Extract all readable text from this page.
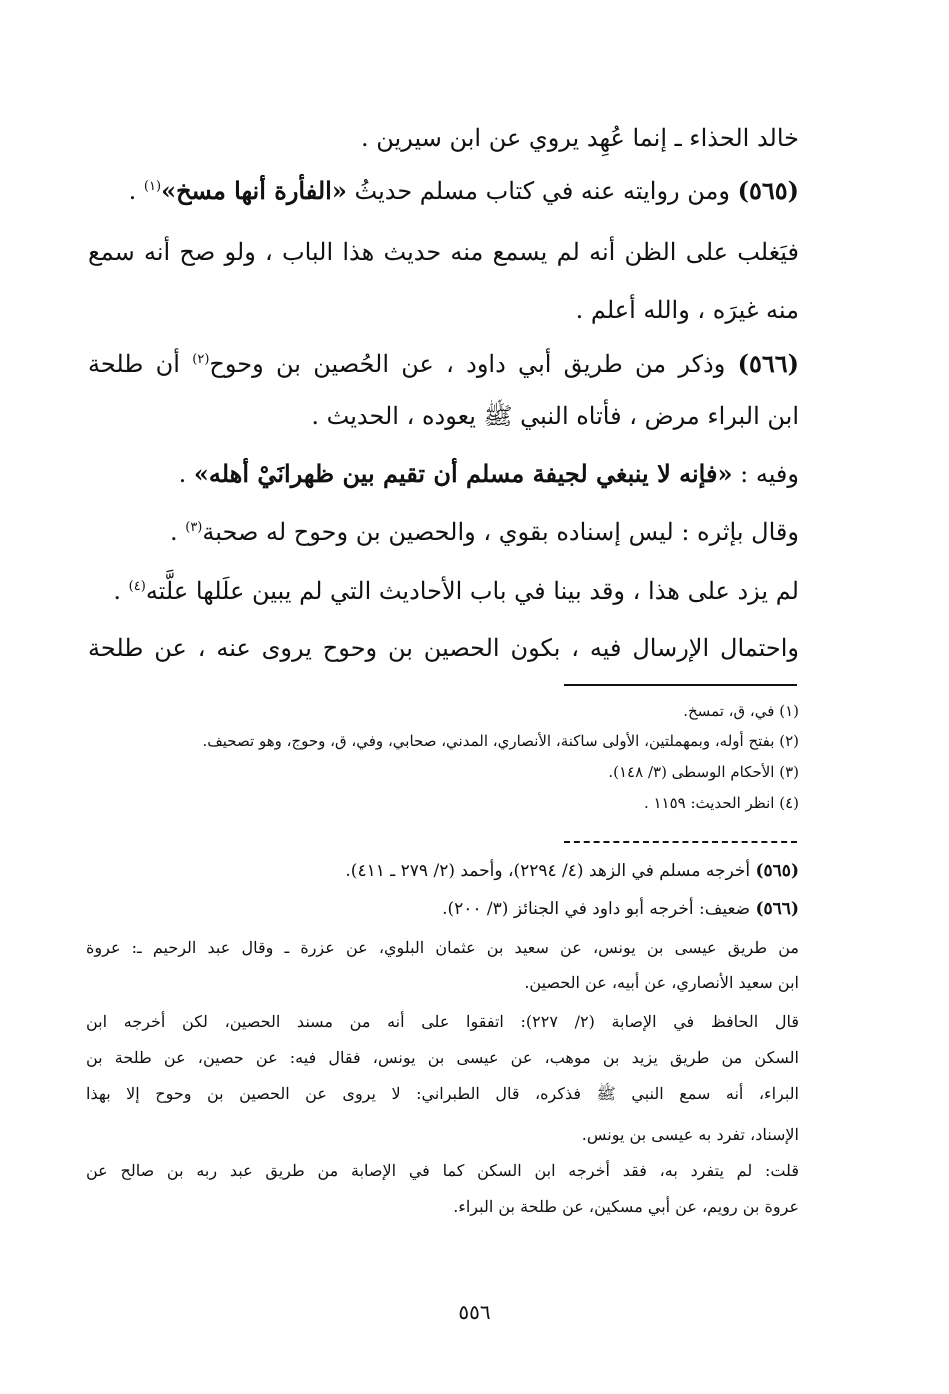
خالد الحذاء ـ إنما عُهِد يروي عن ابن سيرين .
(٥٦٥) ومن روايته عنه في كتاب مسلم حديثُ «الفأرة أنها مسخ»$^{(١)}$ .
فيَغلب على الظن أنه لم يسمع منه حديث هذا الباب ، ولو صح أنه سمع
منه غيرَه ، والله أعلم .
(٥٦٦) وذكر من طريق أبي داود ، عن الحُصين بن وحوح$^{(٢)}$ أن طلحة
ابن البراء مرض ، فأتاه النبي ﷺ يعوده ، الحديث .
وفيه : «فإنه لا ينبغي لجيفة مسلم أن تقيم بين ظهرانَيْ أهله» .
وقال بإثره : ليس إسناده بقوي ، والحصين بن وحوح له صحبة$^{(٣)}$ .
لم يزد على هذا ، وقد بينا في باب الأحاديث التي لم يبين علَلها علَّته$^{(٤)}$ .
واحتمال الإرسال فيه ، بكون الحصين بن وحوح يروى عنه ، عن طلحة
(١) في، ق، تمسخ.
(٢) بفتح أوله، وبمهملتين، الأولى ساكنة، الأنصاري، المدني، صحابي، وفي، ق، وحوج، وهو تصحيف.
(٣) الأحكام الوسطى (٣/ ١٤٨).
(٤) انظر الحديث: ١١٥٩ .
(٥٦٥) أخرجه مسلم في الزهد (٤/ ٢٢٩٤)، وأحمد (٢/ ٢٧٩ ـ ٤١١).
(٥٦٦) ضعيف: أخرجه أبو داود في الجنائز (٣/ ٢٠٠).
من طريق عيسى بن يونس، عن سعيد بن عثمان البلوي، عن عزرة ـ وقال عبد الرحيم ـ: عروة
ابن سعيد الأنصاري، عن أبيه، عن الحصين.
قال الحافظ في الإصابة (٢/ ٢٢٧): اتفقوا على أنه من مسند الحصين، لكن أخرجه ابن
السكن من طريق يزيد بن موهب، عن عيسى بن يونس، فقال فيه: عن حصين، عن طلحة بن
البراء، أنه سمع النبي ﷺ فذكره، قال الطبراني: لا يروى عن الحصين بن وحوح إلا بهذا
الإسناد، تفرد به عيسى بن يونس.
قلت: لم يتفرد به، فقد أخرجه ابن السكن كما في الإصابة من طريق عبد ربه بن صالح عن
عروة بن رويم، عن أبي مسكين، عن طلحة بن البراء.
٥٥٦
